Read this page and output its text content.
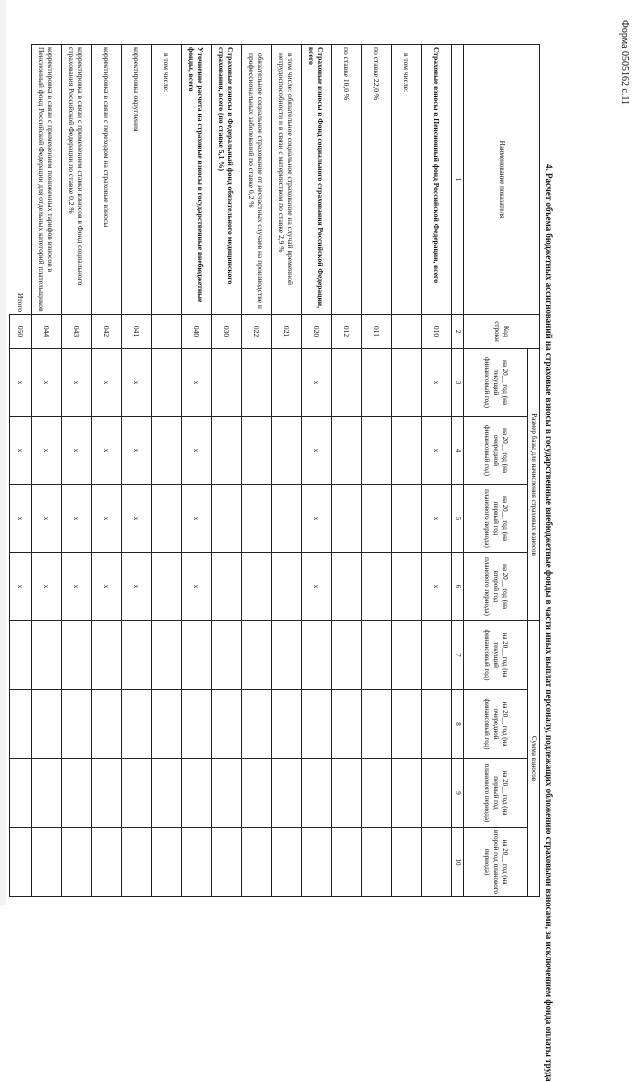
Форма 0505162 с.11
4. Расчет объема бюджетных ассигнований на страховые взносы в государственные внебюджетные фонды в части иных выплат персоналу, подлежащих обложению страховыми взносами, за исключением фонда оплаты труда
Наименование показателя	Код строки	Размер базы для начисления страховых взносов				Сумма взносов			
		на 20__ год (на текущий финансовый год)	на 20__ год (на очередной финансовый год)	на 20__ год (на первый год планового периода)	на 20__ год (на второй год планового периода)	на 20__ год (на текущий финансовый год)	на 20__ год (на очередной финансовый год)	на 20__ год (на первый год планового периода)	на 20__ год (на второй год планового периода)
1	2	3	4	5	6	7	8	9	10
Страховые взносы в Пенсионный фонд Российской Федерации, всего	010	x	x	x	x				
в том числе:									
по ставке 22,0 %	011								
по ставке 10,0 %	012								
Страховые взносы в Фонд социального страхования Российской Федерации, всего	020	x	x	x	x				
в том числе: обязательное социальное страхование на случай временной нетрудоспособности и в связи с материнством по ставке 2,9 %	021								
обязательное социальное страхование от несчастных случаев на производстве и профессиональных заболеваний по ставке 0,2 %	022								
Страховые взносы в Федеральный фонд обязательного медицинского страхования, всего (по ставке 5,1 %)	030								
Уточнение расчета на страховые взносы в государственные внебюджетные фонды, всего	040	x	x	x	x				
в том числе:									
корректировка округления	041	x	x	x	x				
корректировка в связи с переходом на страховые взносы	042	x	x	x	x				
корректировка в связи с применением ставки взносов в Фонд социального страхования Российской Федерации по ставке 0,2 %	043	x	x	x	x				
корректировка в связи с применением пониженных тарифов взносов в Пенсионный фонд Российской Федерации для отдельных категорий плательщиков	044	x	x	x	x				
Итого	050	x	x	x	x				
